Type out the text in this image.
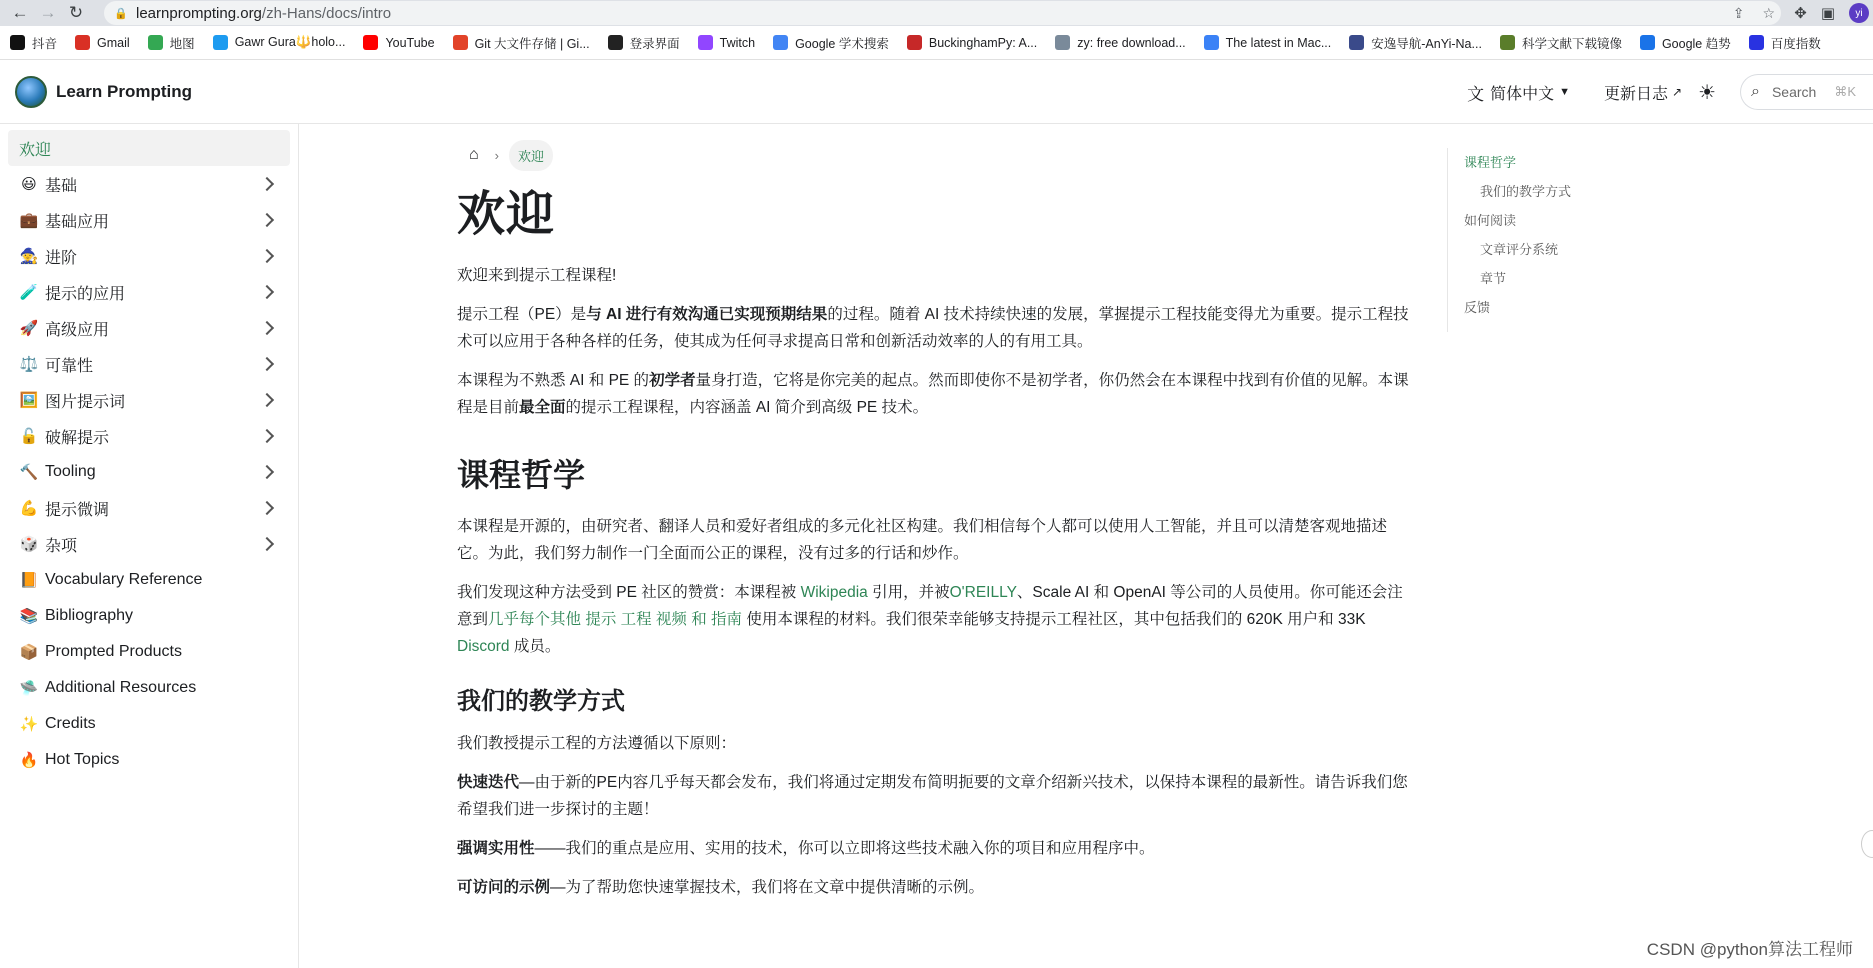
← → ↻	🔒 learnprompting.org /zh-Hans/docs/intro	⇪ ☆ ✥ ▣	yi
抖音	Gmail	地图	Gawr Gura🔱holo...	YouTube	Git 大文件存储 | Gi...	登录界面	Twitch	Google 学术搜索	BuckinghamPy: A...	zy: free download...	The latest in Mac...	安逸导航-AnYi-Na...	科学文献下载镜像	Google 趋势	百度指数
Learn Prompting	文 简体中文 ▼ 更新日志 ↗ ☀ ⌕ Search ⌘K
欢迎
😃 基础
💼 基础应用
🧙 进阶
🧪 提示的应用
🚀 高级应用
⚖️ 可靠性
🖼️ 图片提示词
🔓 破解提示
🔨 Tooling
💪 提示微调
🎲 杂项
📙 Vocabulary Reference
📚 Bibliography
📦 Prompted Products
🛸 Additional Resources
✨ Credits
🔥 Hot Topics
⌂ ›	欢迎
欢迎

欢迎来到提示工程课程!

提示工程（PE）是与 AI 进行有效沟通已实现预期结果的过程。随着 AI 技术持续快速的发展，掌握提示工程技能变得尤为重要。提示工程技术可以应用于各种各样的任务，使其成为任何寻求提高日常和创新活动效率的人的有用工具。

本课程为不熟悉 AI 和 PE 的初学者量身打造，它将是你完美的起点。然而即使你不是初学者，你仍然会在本课程中找到有价值的见解。本课程是目前最全面的提示工程课程，内容涵盖 AI 简介到高级 PE 技术。

课程哲学

本课程是开源的，由研究者、翻译人员和爱好者组成的多元化社区构建。我们相信每个人都可以使用人工智能，并且可以清楚客观地描述它。为此，我们努力制作一门全面而公正的课程，没有过多的行话和炒作。

我们发现这种方法受到 PE 社区的赞赏：本课程被 Wikipedia 引用，并被O'REILLY、Scale AI 和 OpenAI 等公司的人员使用。你可能还会注意到几乎每个其他 提示 工程 视频 和 指南 使用本课程的材料。我们很荣幸能够支持提示工程社区，其中包括我们的 620K 用户和 33K Discord 成员。

我们的教学方式

我们教授提示工程的方法遵循以下原则：

快速迭代—由于新的PE内容几乎每天都会发布，我们将通过定期发布简明扼要的文章介绍新兴技术，以保持本课程的最新性。请告诉我们您希望我们进一步探讨的主题！

强调实用性——我们的重点是应用、实用的技术，你可以立即将这些技术融入你的项目和应用程序中。

可访问的示例—为了帮助您快速掌握技术，我们将在文章中提供清晰的示例。

课程哲学
我们的教学方式
如何阅读
文章评分系统
章节
反馈
CSDN @python算法工程师
